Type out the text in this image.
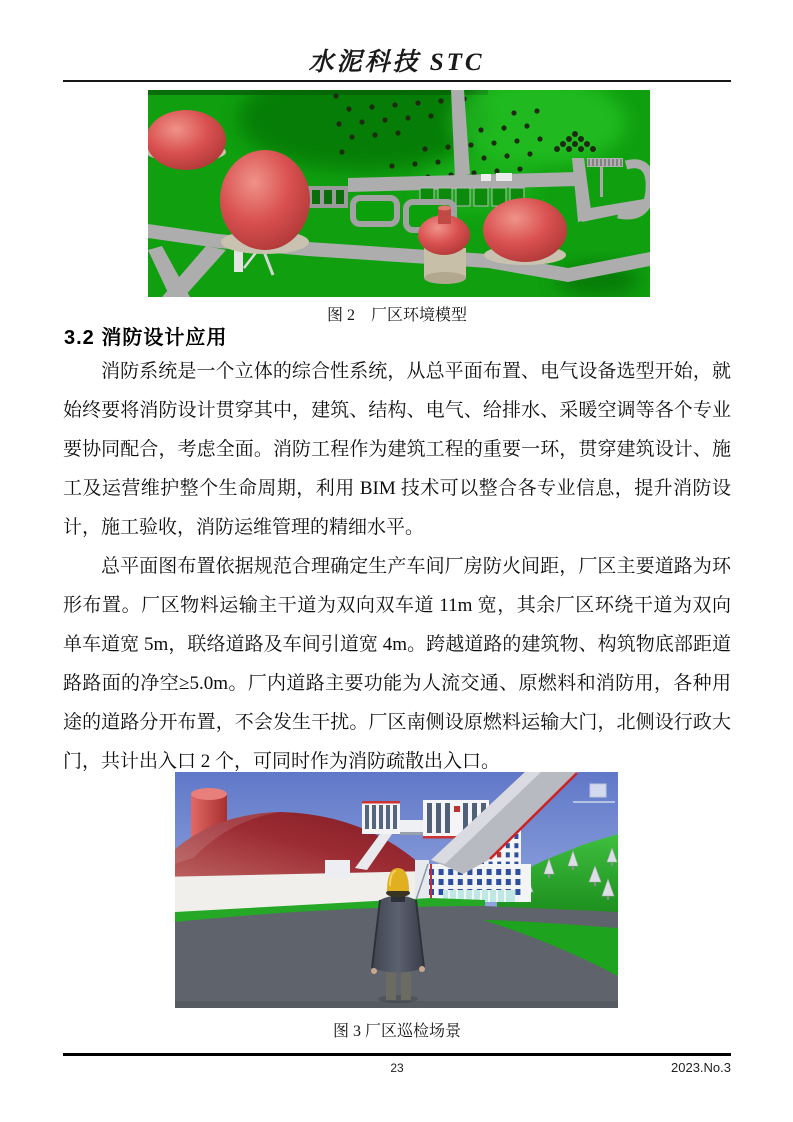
水泥科技 STC
图 2　厂区环境模型
3.2 消防设计应用

消防系统是一个立体的综合性系统，从总平面布置、电气设备选型开始，就始终要将消防设计贯穿其中，建筑、结构、电气、给排水、采暖空调等各个专业要协同配合，考虑全面。消防工程作为建筑工程的重要一环，贯穿建筑设计、施工及运营维护整个生命周期，利用 BIM 技术可以整合各专业信息，提升消防设计，施工验收，消防运维管理的精细水平。

总平面图布置依据规范合理确定生产车间厂房防火间距，厂区主要道路为环形布置。厂区物料运输主干道为双向双车道 11m 宽，其余厂区环绕干道为双向单车道宽 5m，联络道路及车间引道宽 4m。跨越道路的建筑物、构筑物底部距道路路面的净空≥5.0m。厂内道路主要功能为人流交通、原燃料和消防用，各种用途的道路分开布置，不会发生干扰。厂区南侧设原燃料运输大门，北侧设行政大门，共计出入口 2 个，可同时作为消防疏散出入口。

图 3 厂区巡检场景
23	2023.No.3
